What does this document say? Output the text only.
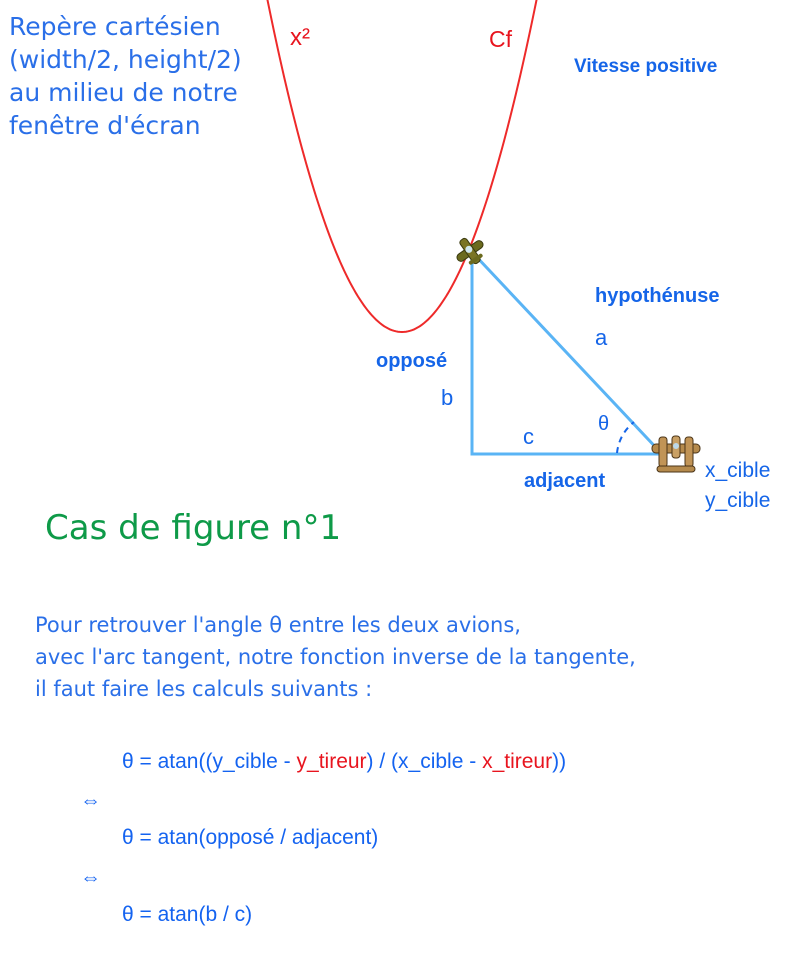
Repère cartésien
(width/2, height/2)
au milieu de notre
fenêtre d'écran
x²	Cf
Vitesse positive
hypothénuse
a
opposé
b
c	θ
adjacent	x_cible
y_cible
Cas de figure n°1
Pour retrouver l'angle θ entre les deux avions,
avec l'arc tangent, notre fonction inverse de la tangente,
il faut faire les calculs suivants :
θ = atan((y_cible - y_tireur) / (x_cible - x_tireur))
⇔
θ = atan(opposé / adjacent)
⇔
θ = atan(b / c)
